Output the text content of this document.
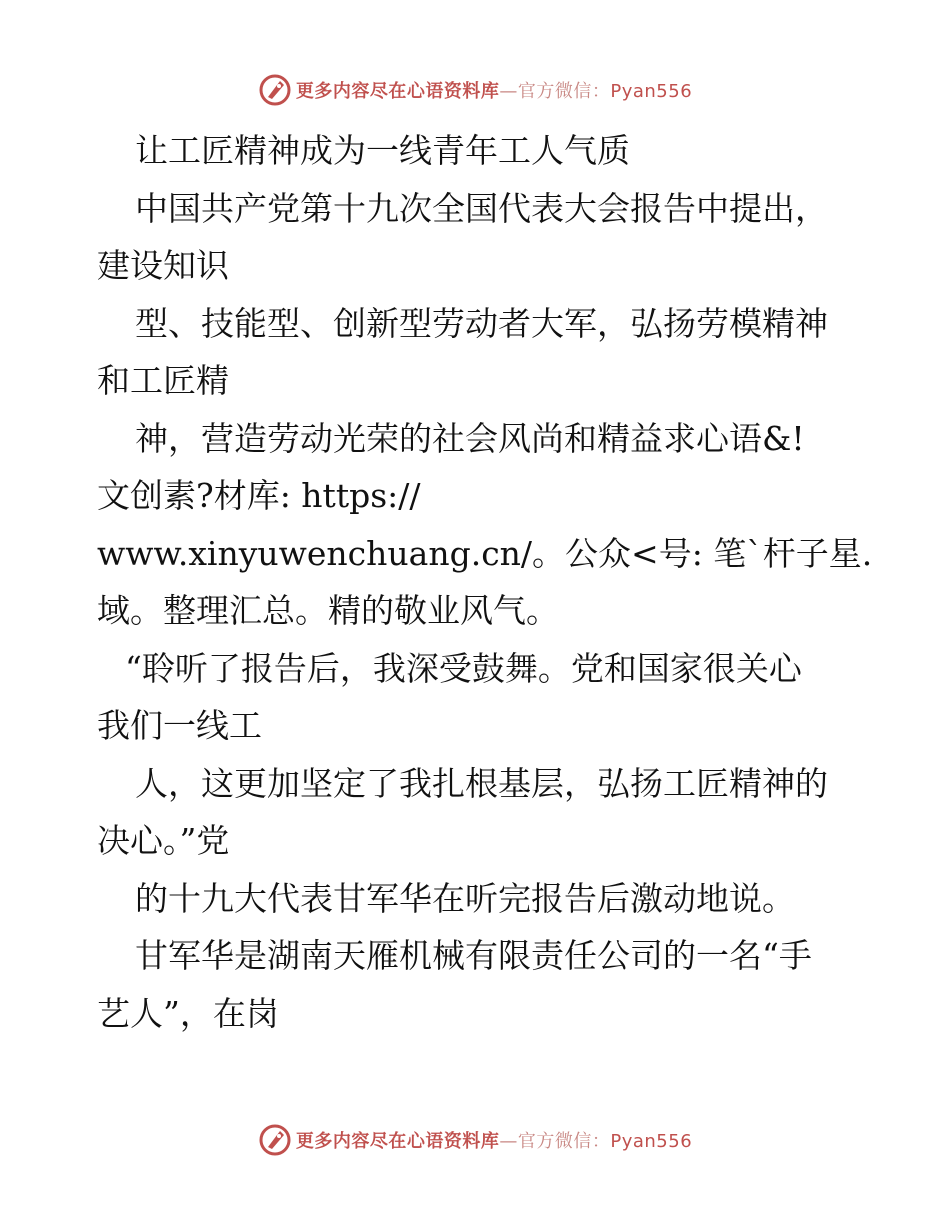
更多内容尽在心语资料库—官方微信：Pyan556
让工匠精神成为一线青年工人气质
中国共产党第十九次全国代表大会报告中提出，
建设知识
型、技能型、创新型劳动者大军，弘扬劳模精神
和工匠精
神，营造劳动光荣的社会风尚和精益求心语&!
文创素?材库: https://
www.xinyuwenchuang.cn/。公众<号: 笔`杆子星.
域。整理汇总。精的敬业风气。
“聆听了报告后，我深受鼓舞。党和国家很关心
我们一线工
人，这更加坚定了我扎根基层，弘扬工匠精神的
决心。”党
的十九大代表甘军华在听完报告后激动地说。
甘军华是湖南天雁机械有限责任公司的一名“手
艺人”，在岗
更多内容尽在心语资料库—官方微信：Pyan556
